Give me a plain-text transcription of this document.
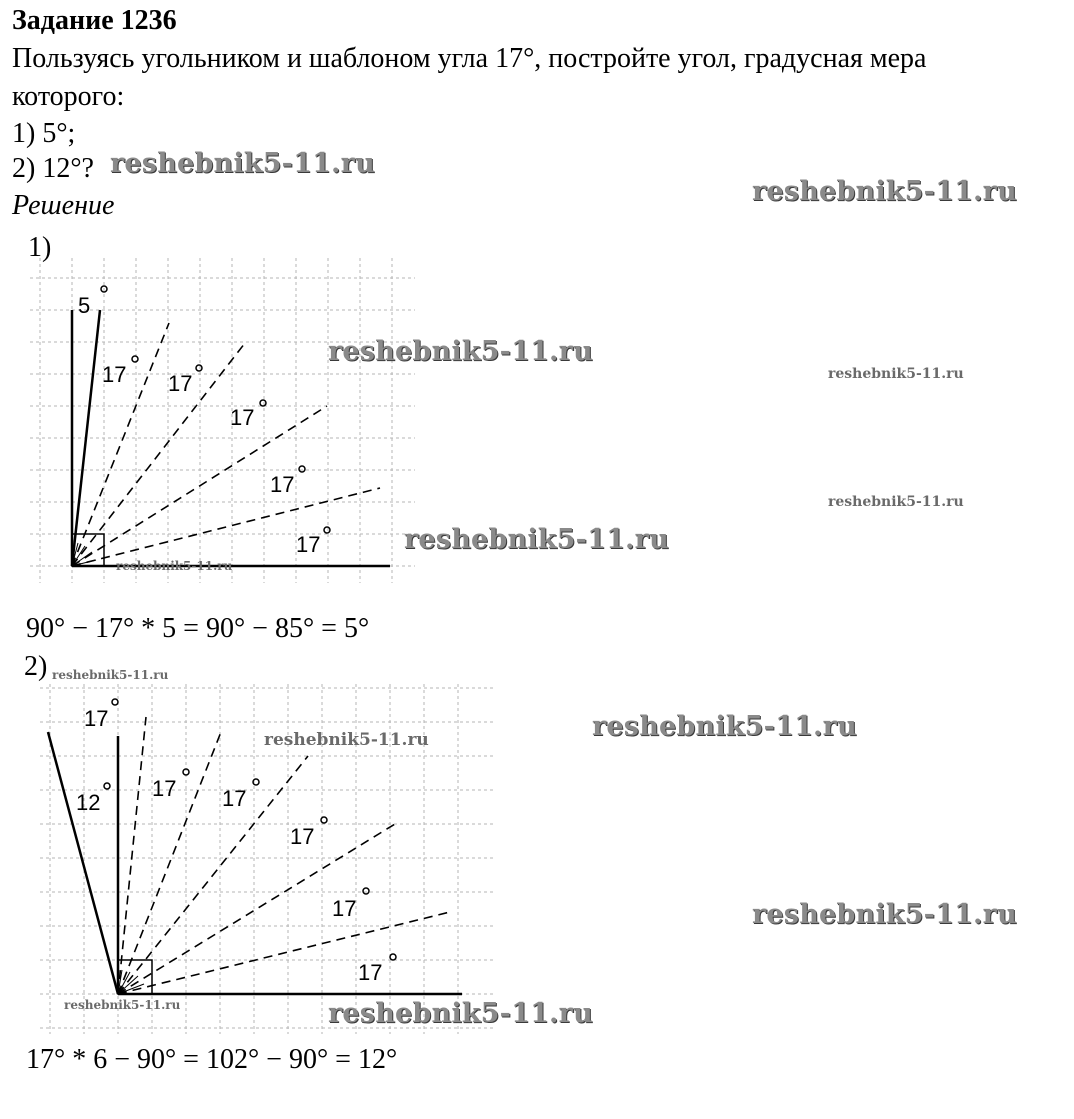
Задание 1236
Пользуясь угольником и шаблоном угла 17°, постройте угол, градусная мера
которого:
1) 5°;
2) 12°?
Решение
1)
5
17 17
17
17
17
90° − 17° * 5 = 90° − 85° = 5°
2)
17
12
17 17
17
17
17
17° * 6 − 90° = 102° − 90° = 12°
reshebnik5-11.ru
reshebnik5-11.ru
reshebnik5-11.ru
reshebnik5-11.ru
reshebnik5-11.ru
reshebnik5-11.ru
reshebnik5-11.ru
reshebnik5-11.ru
reshebnik5-11.ru
reshebnik5-11.ru
reshebnik5-11.ru
reshebnik5-11.ru	reshebnik5-11.ru
